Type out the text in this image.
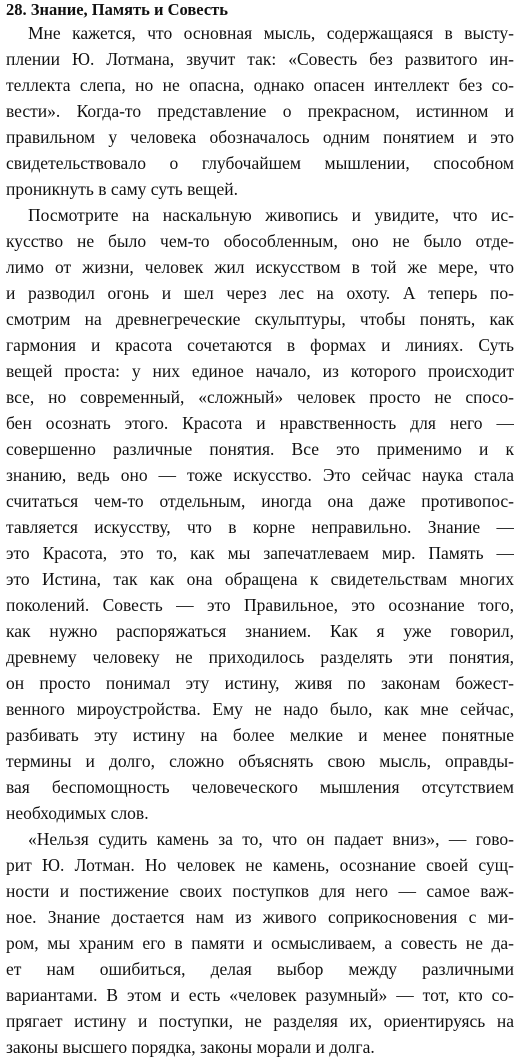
28. Знание, Память и Совесть
Мне кажется, что основная мысль, содержащаяся в высту-
плении Ю. Лотмана, звучит так: «Совесть без развитого ин-
теллекта слепа, но не опасна, однако опасен интеллект без со-
вести». Когда-то представление о прекрасном, истинном и
правильном у человека обозначалось одним понятием и это
свидетельствовало о глубочайшем мышлении, способном
проникнуть в саму суть вещей.
Посмотрите на наскальную живопись и увидите, что ис-
кусство не было чем-то обособленным, оно не было отде-
лимо от жизни, человек жил искусством в той же мере, что
и разводил огонь и шел через лес на охоту. А теперь по-
смотрим на древнегреческие скульптуры, чтобы понять, как
гармония и красота сочетаются в формах и линиях. Суть
вещей проста: у них единое начало, из которого происходит
все, но современный, «сложный» человек просто не спосо-
бен осознать этого. Красота и нравственность для него —
совершенно различные понятия. Все это применимо и к
знанию, ведь оно — тоже искусство. Это сейчас наука стала
считаться чем-то отдельным, иногда она даже противопос-
тавляется искусству, что в корне неправильно. Знание —
это Красота, это то, как мы запечатлеваем мир. Память —
это Истина, так как она обращена к свидетельствам многих
поколений. Совесть — это Правильное, это осознание того,
как нужно распоряжаться знанием. Как я уже говорил,
древнему человеку не приходилось разделять эти понятия,
он просто понимал эту истину, живя по законам божест-
венного мироустройства. Ему не надо было, как мне сейчас,
разбивать эту истину на более мелкие и менее понятные
термины и долго, сложно объяснять свою мысль, оправды-
вая беспомощность человеческого мышления отсутствием
необходимых слов.
«Нельзя судить камень за то, что он падает вниз», — гово-
рит Ю. Лотман. Но человек не камень, осознание своей сущ-
ности и постижение своих поступков для него — самое важ-
ное. Знание достается нам из живого соприкосновения с ми-
ром, мы храним его в памяти и осмысливаем, а совесть не да-
ет нам ошибиться, делая выбор между различными
вариантами. В этом и есть «человек разумный» — тот, кто со-
прягает истину и поступки, не разделяя их, ориентируясь на
законы высшего порядка, законы морали и долга.
